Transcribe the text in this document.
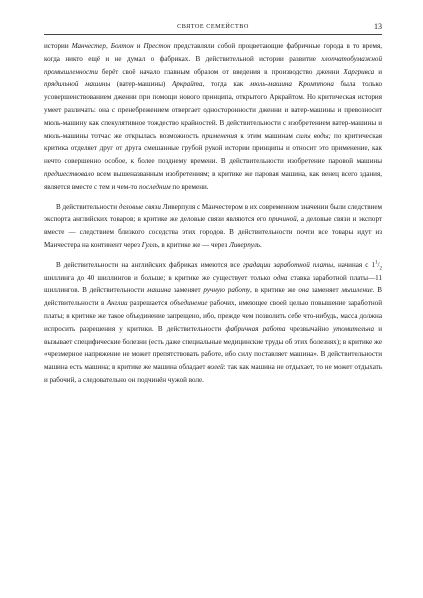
СВЯТОЕ СЕМЕЙСТВО	13

истории Манчестер, Болтон и Престон представляли собой процветающие фабричные города в то время, когда никто ещё и не думал о фабриках. В действительной истории развитие хлопчатобумажной промышленности берёт своё начало главным образом от введения в производство дженни Харгривса и прядильной машины (ватер-машины) Аркрайта, тогда как мюль-машина Кромптона была только усовершенствованием дженни при помощи нового принципа, открытого Аркрайтом. Но критическая история умеет различать: она с пренебрежением отвергает односторонности дженни и ватер-машины и превозносит мюль-машину как спекулятивное тождество крайностей. В действительности с изобретением ватер-машины и мюль-машины тотчас же открылась возможность применения к этим машинам силы воды; по критическая критика отделяет друг от друга смешанные грубой рукой истории принципы и относит это применение, как нечто совершенно особое, к более позднему времени. В действительности изобретение паровой машины предшествовало всем вышеназванным изобретениям; в критике же паровая машина, как венец всего здания, является вместе с тем и чем-то последним по времени.

В действительности деловые связи Ливерпуля с Манчестером в их современном значении были следствием экспорта английских товаров; в критике же деловые связи являются его причиной, а деловые связи и экспорт вместе — следствием близкого соседства этих городов. В действительности почти все товары идут из Манчестера на континент через Гулль, в критике же — через Ливерпуль.

В действительности на английских фабриках имеются все градации заработной платы, начиная с $1^1/_2$ шиллинга до 40 шиллингов и больше; в критике же существует только одна ставка заработной платы—11 шиллингов. В действительности машина заменяет ручную работу, в критике же она заменяет мышление. В действительности в Англии разрешается объединение рабочих, имеющее своей целью повышение заработной платы; в критике же такое объединение запрещено, ибо, прежде чем позволить себе что-нибудь, масса должна испросить разрешения у критики. В действительности фабричная работа чрезвычайно утомительна и вызывает специфические болезни (есть даже специальные медицинские труды об этих болезнях); в критике же «чрезмерное напряжение не может препятствовать работе, ибо силу поставляет машина». В действительности машина есть машина; в критике же машина обладает волей: так как машина не отдыхает, то не может отдыхать и рабочий, а следовательно он подчинён чужой воле.
